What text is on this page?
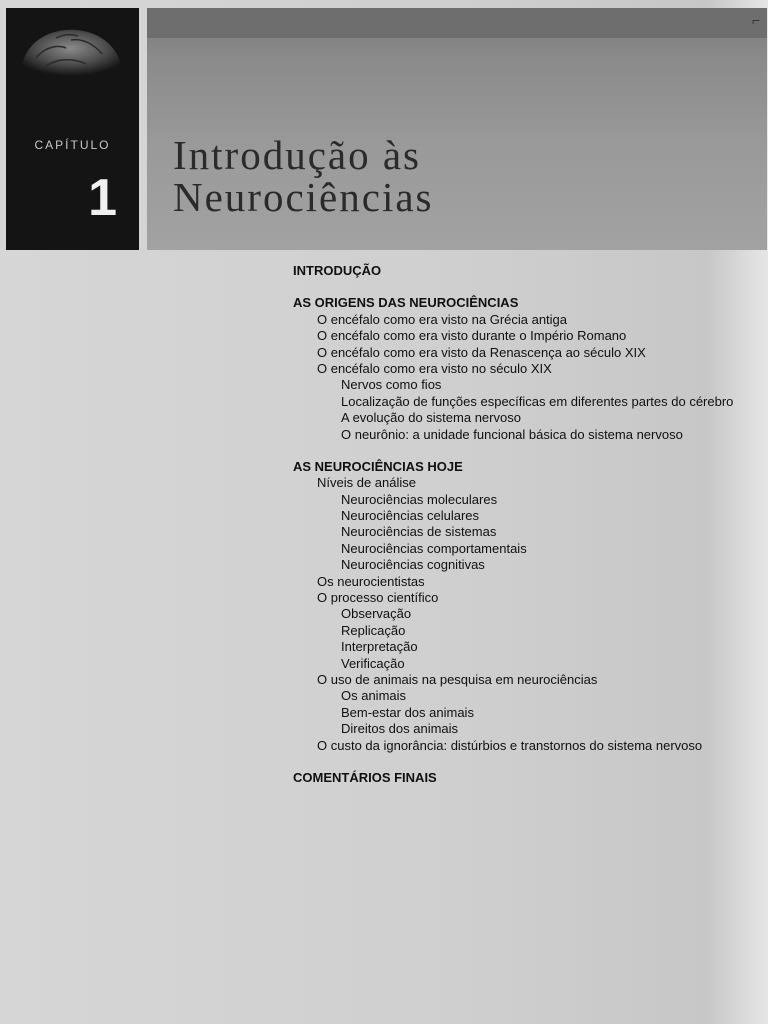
CAPÍTULO
1
Introdução às
Neurociências
⌐
INTRODUÇÃO
AS ORIGENS DAS NEUROCIÊNCIAS
O encéfalo como era visto na Grécia antiga
O encéfalo como era visto durante o Império Romano
O encéfalo como era visto da Renascença ao século XIX
O encéfalo como era visto no século XIX
Nervos como fios
Localização de funções específicas em diferentes partes do cérebro
A evolução do sistema nervoso
O neurônio: a unidade funcional básica do sistema nervoso
AS NEUROCIÊNCIAS HOJE
Níveis de análise
Neurociências moleculares
Neurociências celulares
Neurociências de sistemas
Neurociências comportamentais
Neurociências cognitivas
Os neurocientistas
O processo científico
Observação
Replicação
Interpretação
Verificação
O uso de animais na pesquisa em neurociências
Os animais
Bem-estar dos animais
Direitos dos animais
O custo da ignorância: distúrbios e transtornos do sistema nervoso
COMENTÁRIOS FINAIS
